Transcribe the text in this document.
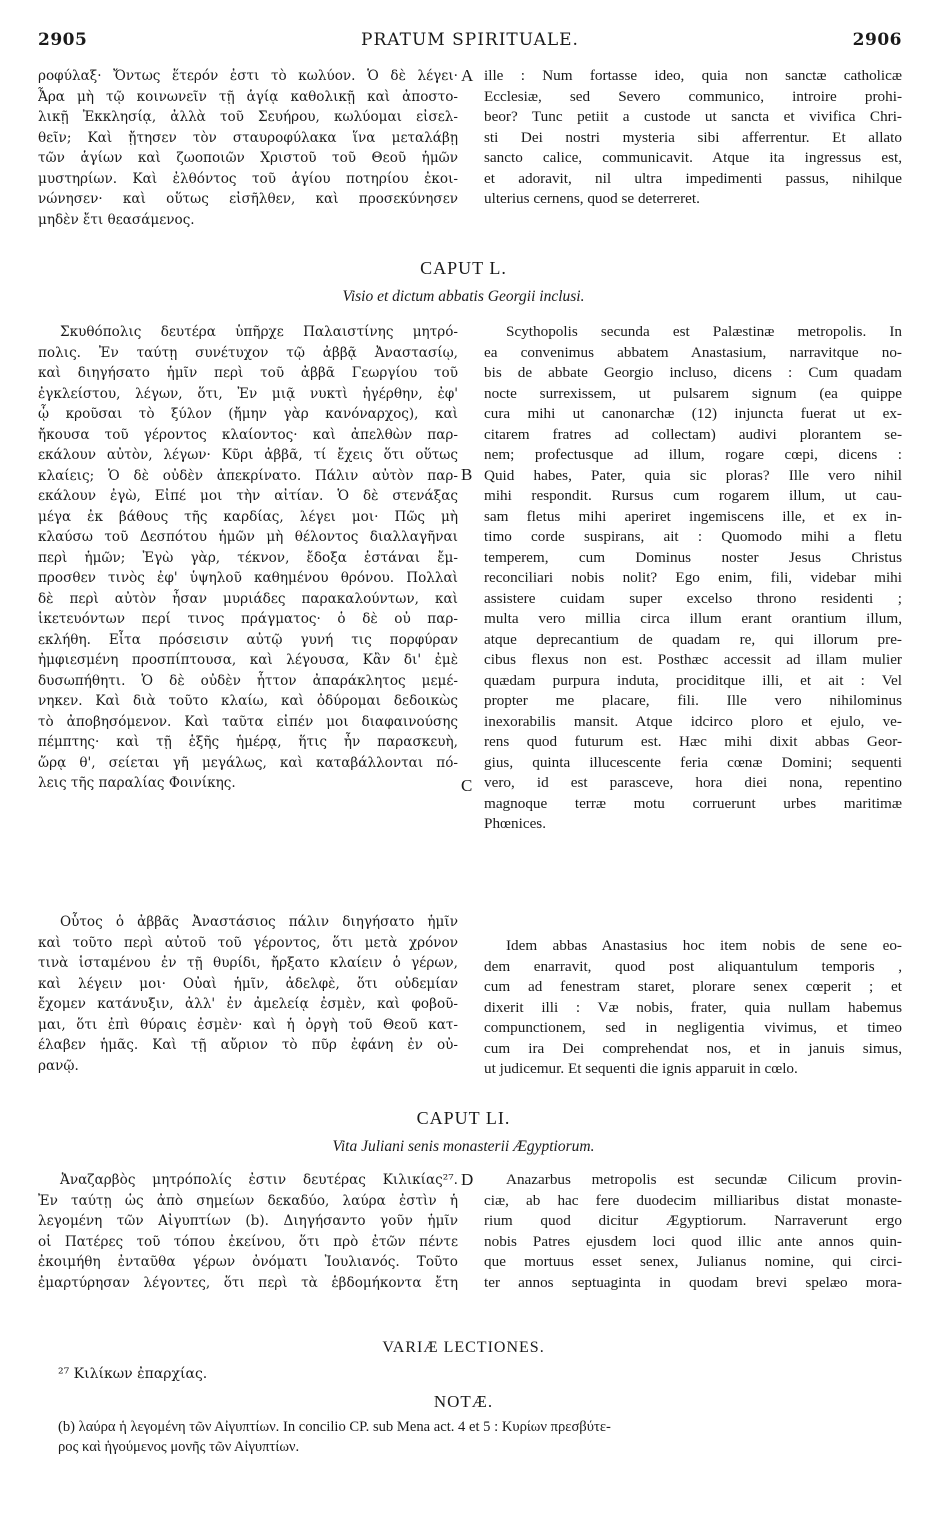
2905	PRATUM SPIRITUALE.	2906
ροφύλαξ· Ὄντως ἕτερόν ἐστι τὸ κωλύον. Ὁ δὲ λέγει·
Ἆρα μὴ τῷ κοινωνεῖν τῇ ἁγίᾳ καθολικῇ καὶ ἀποστο-
λικῇ Ἐκκλησίᾳ, ἀλλὰ τοῦ Σευήρου, κωλύομαι εἰσελ-
θεῖν; Καὶ ᾔτησεν τὸν σταυροφύλακα ἵνα μεταλάβῃ
τῶν ἁγίων καὶ ζωοποιῶν Χριστοῦ τοῦ Θεοῦ ἡμῶν
μυστηρίων. Καὶ ἐλθόντος τοῦ ἁγίου ποτηρίου ἐκοι-
νώνησεν· καὶ οὕτως εἰσῆλθεν, καὶ προσεκύνησεν
μηδὲν ἔτι θεασάμενος.
ille : Num fortasse ideo, quia non sanctæ catholicæ
Ecclesiæ, sed Severo communico, introire prohi-
beor? Tunc petiit a custode ut sancta et vivifica Chri-
sti Dei nostri mysteria sibi afferrentur. Et allato
sancto calice, communicavit. Atque ita ingressus est,
et adoravit, nil ultra impedimenti passus, nihilque
ulterius cernens, quod se deterreret.
A
CAPUT L.
Visio et dictum abbatis Georgii inclusi.
Σκυθόπολις δευτέρα ὑπῆρχε Παλαιστίνης μητρό-
πολις. Ἐν ταύτῃ συνέτυχον τῷ ἀββᾷ Ἀναστασίῳ,
καὶ διηγήσατο ἡμῖν περὶ τοῦ ἀββᾶ Γεωργίου τοῦ
ἐγκλείστου, λέγων, ὅτι, Ἐν μιᾷ νυκτὶ ἠγέρθην, ἐφ'
ᾧ κροῦσαι τὸ ξύλον (ἤμην γὰρ κανόναρχος), καὶ
ἤκουσα τοῦ γέροντος κλαίοντος· καὶ ἀπελθὼν παρ-
εκάλουν αὐτὸν, λέγων· Κῦρι ἀββᾶ, τί ἔχεις ὅτι οὕτως
κλαίεις; Ὁ δὲ οὐδὲν ἀπεκρίνατο. Πάλιν αὐτὸν παρ-
εκάλουν ἐγὼ, Εἰπέ μοι τὴν αἰτίαν. Ὁ δὲ στενάξας
μέγα ἐκ βάθους τῆς καρδίας, λέγει μοι· Πῶς μὴ
κλαύσω τοῦ Δεσπότου ἡμῶν μὴ θέλοντος διαλλαγῆναι
περὶ ἡμῶν; Ἐγὼ γὰρ, τέκνον, ἔδοξα ἑστάναι ἔμ-
προσθεν τινὸς ἐφ' ὑψηλοῦ καθημένου θρόνου. Πολλαὶ
δὲ περὶ αὐτὸν ἦσαν μυριάδες παρακαλούντων, καὶ
ἱκετευόντων περί τινος πράγματος· ὁ δὲ οὐ παρ-
εκλήθη. Εἶτα πρόσεισιν αὐτῷ γυνή τις πορφύραν
ἠμφιεσμένη προσπίπτουσα, καὶ λέγουσα, Κἂν δι' ἐμὲ
δυσωπήθητι. Ὁ δὲ οὐδὲν ἧττον ἀπαράκλητος μεμέ-
νηκεν. Καὶ διὰ τοῦτο κλαίω, καὶ ὀδύρομαι δεδοικὼς
τὸ ἀποβησόμενον. Καὶ ταῦτα εἰπέν μοι διαφαινούσης
πέμπτης· καὶ τῇ ἑξῆς ἡμέρᾳ, ἥτις ἦν παρασκευὴ,
ὥρᾳ θ', σείεται γῆ μεγάλως, καὶ καταβάλλονται πό-
λεις τῆς παραλίας Φοινίκης.
Scythopolis secunda est Palæstinæ metropolis. In
ea convenimus abbatem Anastasium, narravitque no-
bis de abbate Georgio incluso, dicens : Cum quadam
nocte surrexissem, ut pulsarem signum (ea quippe
cura mihi ut canonarchæ (12) injuncta fuerat ut ex-
citarem fratres ad collectam) audivi plorantem se-
nem; profectusque ad illum, rogare cœpi, dicens :
Quid habes, Pater, quia sic ploras? Ille vero nihil
mihi respondit. Rursus cum rogarem illum, ut cau-
sam fletus mihi aperiret ingemiscens ille, et ex in-
timo corde suspirans, ait : Quomodo mihi a fletu
temperem, cum Dominus noster Jesus Christus
reconciliari nobis nolit? Ego enim, fili, videbar mihi
assistere cuidam super excelso throno residenti ;
multa vero millia circa illum erant orantium illum,
atque deprecantium de quadam re, qui illorum pre-
cibus flexus non est. Posthæc accessit ad illam mulier
quædam purpura induta, prociditque illi, et ait : Vel
propter me placare, fili. Ille vero nihilominus
inexorabilis mansit. Atque idcirco ploro et ejulo, ve-
rens quod futurum est. Hæc mihi dixit abbas Geor-
gius, quinta illucescente feria cœnæ Domini; sequenti
vero, id est parasceve, hora diei nona, repentino
magnoque terræ motu corruerunt urbes maritimæ
Phœnices.
B
C
Οὗτος ὁ ἀββᾶς Ἀναστάσιος πάλιν διηγήσατο ἡμῖν
καὶ τοῦτο περὶ αὐτοῦ τοῦ γέροντος, ὅτι μετὰ χρόνον
τινὰ ἱσταμένου ἐν τῇ θυρίδι, ἤρξατο κλαίειν ὁ γέρων,
καὶ λέγειν μοι· Οὐαὶ ἡμῖν, ἀδελφὲ, ὅτι οὐδεμίαν
ἔχομεν κατάνυξιν, ἀλλ' ἐν ἀμελείᾳ ἐσμὲν, καὶ φοβοῦ-
μαι, ὅτι ἐπὶ θύραις ἐσμὲν· καὶ ἡ ὀργὴ τοῦ Θεοῦ κατ-
έλαβεν ἡμᾶς. Καὶ τῇ αὔριον τὸ πῦρ ἐφάνη ἐν οὐ-
ρανῷ.
Idem abbas Anastasius hoc item nobis de sene eo-
dem enarravit, quod post aliquantulum temporis ,
cum ad fenestram staret, plorare senex cœperit ; et
dixerit illi : Væ nobis, frater, quia nullam habemus
compunctionem, sed in negligentia vivimus, et timeo
cum ira Dei comprehendat nos, et in januis simus,
ut judicemur. Et sequenti die ignis apparuit in cœlo.
CAPUT LI.
Vita Juliani senis monasterii Ægyptiorum.
Ἀναζαρβὸς μητρόπολίς ἐστιν δευτέρας Κιλικίας²⁷.
Ἐν ταύτῃ ὡς ἀπὸ σημείων δεκαδύο, λαύρα ἐστὶν ἡ
λεγομένη τῶν Αἰγυπτίων (b). Διηγήσαντο γοῦν ἡμῖν
οἱ Πατέρες τοῦ τόπου ἐκείνου, ὅτι πρὸ ἐτῶν πέντε
ἐκοιμήθη ἐνταῦθα γέρων ὀνόματι Ἰουλιανός. Τοῦτο
ἐμαρτύρησαν λέγοντες, ὅτι περὶ τὰ ἑβδομήκοντα ἔτη
D	Anazarbus metropolis est secundæ Cilicum provin-
ciæ, ab hac fere duodecim milliaribus distat monaste-
rium quod dicitur Ægyptiorum. Narraverunt ergo
nobis Patres ejusdem loci quod illic ante annos quin-
que mortuus esset senex, Julianus nomine, qui circi-
ter annos septuaginta in quodam brevi spelæo mora-
VARIÆ LECTIONES.
²⁷ Κιλίκων ἐπαρχίας.
NOTÆ.
(b) λαύρα ἡ λεγομένη τῶν Αἰγυπτίων. In concilio CP. sub Mena act. 4 et 5 : Κυρίων πρεσβύτε-
ρος καὶ ἡγούμενος μονῆς τῶν Αἰγυπτίων.
